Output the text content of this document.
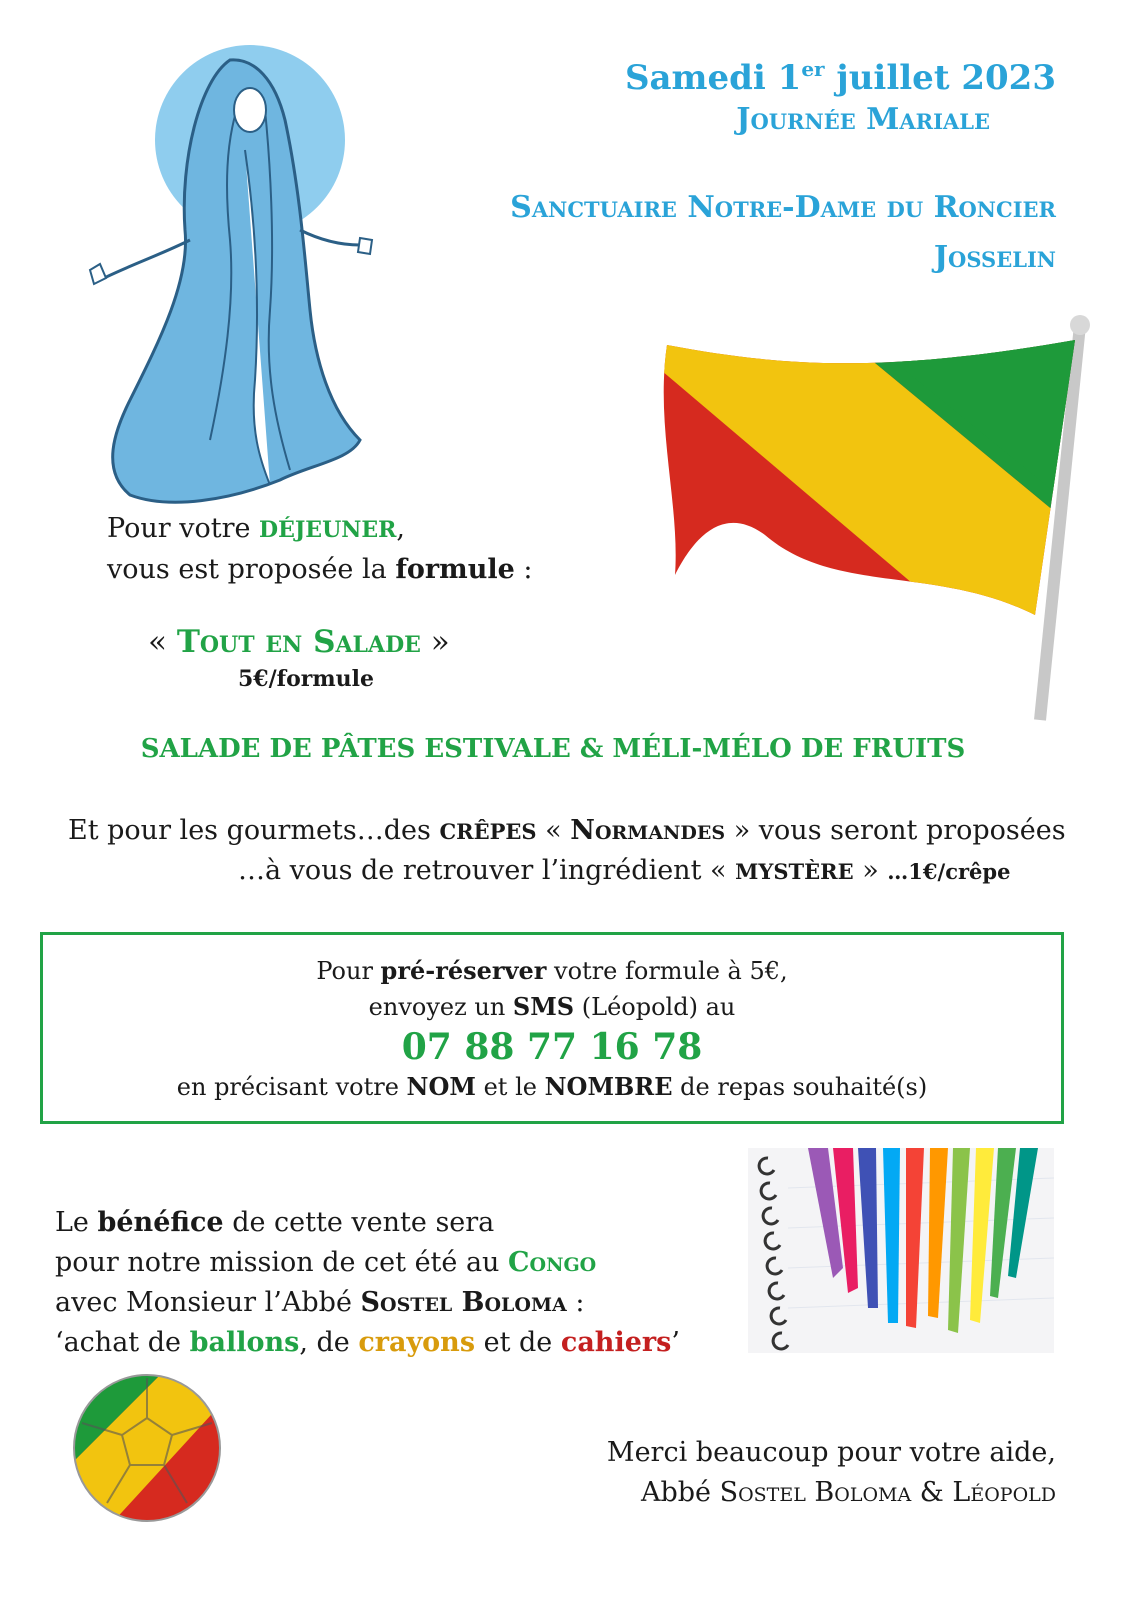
Samedi 1er juillet 2023
Journée Mariale
Sanctuaire Notre-Dame du Roncier
Josselin
Pour votre DÉJEUNER,
vous est proposée la formule :
« Tout en Salade »
5€/formule
SALADE DE PÂTES ESTIVALE & MÉLI-MÉLO DE FRUITS
Et pour les gourmets…des CRÊPES « Normandes » vous seront proposées
…à vous de retrouver l’ingrédient « MYSTÈRE » …1€/crêpe
Pour pré-réserver votre formule à 5€,
envoyez un SMS (Léopold) au
07 88 77 16 78
en précisant votre NOM et le NOMBRE de repas souhaité(s)
Le bénéfice de cette vente sera
pour notre mission de cet été au Congo
avec Monsieur l’Abbé Sostel Boloma :
‘achat de ballons, de crayons et de cahiers’
Merci beaucoup pour votre aide,
Abbé Sostel Boloma & Léopold
